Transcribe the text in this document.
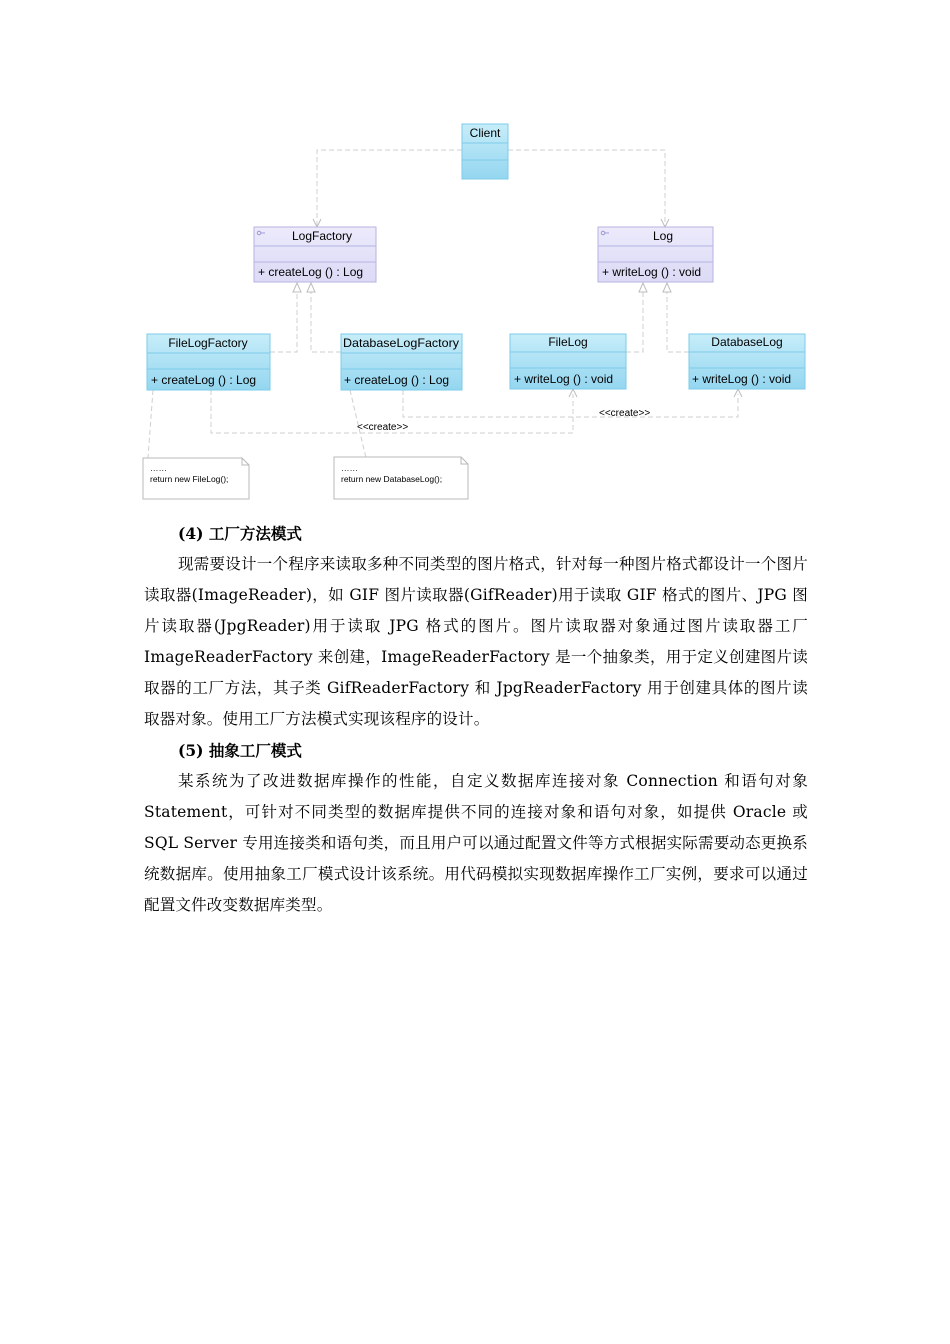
Client
LogFactory
+ createLog () : Log
Log
+ writeLog () : void
FileLogFactory
+ createLog () : Log
DatabaseLogFactory
+ createLog () : Log
FileLog
+ writeLog () : void
DatabaseLog
+ writeLog () : void
<<create>>
<<create>>
……
return new FileLog();
……
return new DatabaseLog();
(4) 工厂方法模式

现需要设计一个程序来读取多种不同类型的图片格式，针对每一种图片格式都设计一个图片读取器(ImageReader)，如 GIF 图片读取器(GifReader)用于读取 GIF 格式的图片、JPG 图片读取器(JpgReader)用于读取 JPG 格式的图片。图片读取器对象通过图片读取器工厂 ImageReaderFactory 来创建，ImageReaderFactory 是一个抽象类，用于定义创建图片读取器的工厂方法，其子类 GifReaderFactory 和 JpgReaderFactory 用于创建具体的图片读取器对象。使用工厂方法模式实现该程序的设计。

(5) 抽象工厂模式

某系统为了改进数据库操作的性能，自定义数据库连接对象 Connection 和语句对象 Statement，可针对不同类型的数据库提供不同的连接对象和语句对象，如提供 Oracle 或 SQL Server 专用连接类和语句类，而且用户可以通过配置文件等方式根据实际需要动态更换系统数据库。使用抽象工厂模式设计该系统。用代码模拟实现数据库操作工厂实例，要求可以通过配置文件改变数据库类型。
